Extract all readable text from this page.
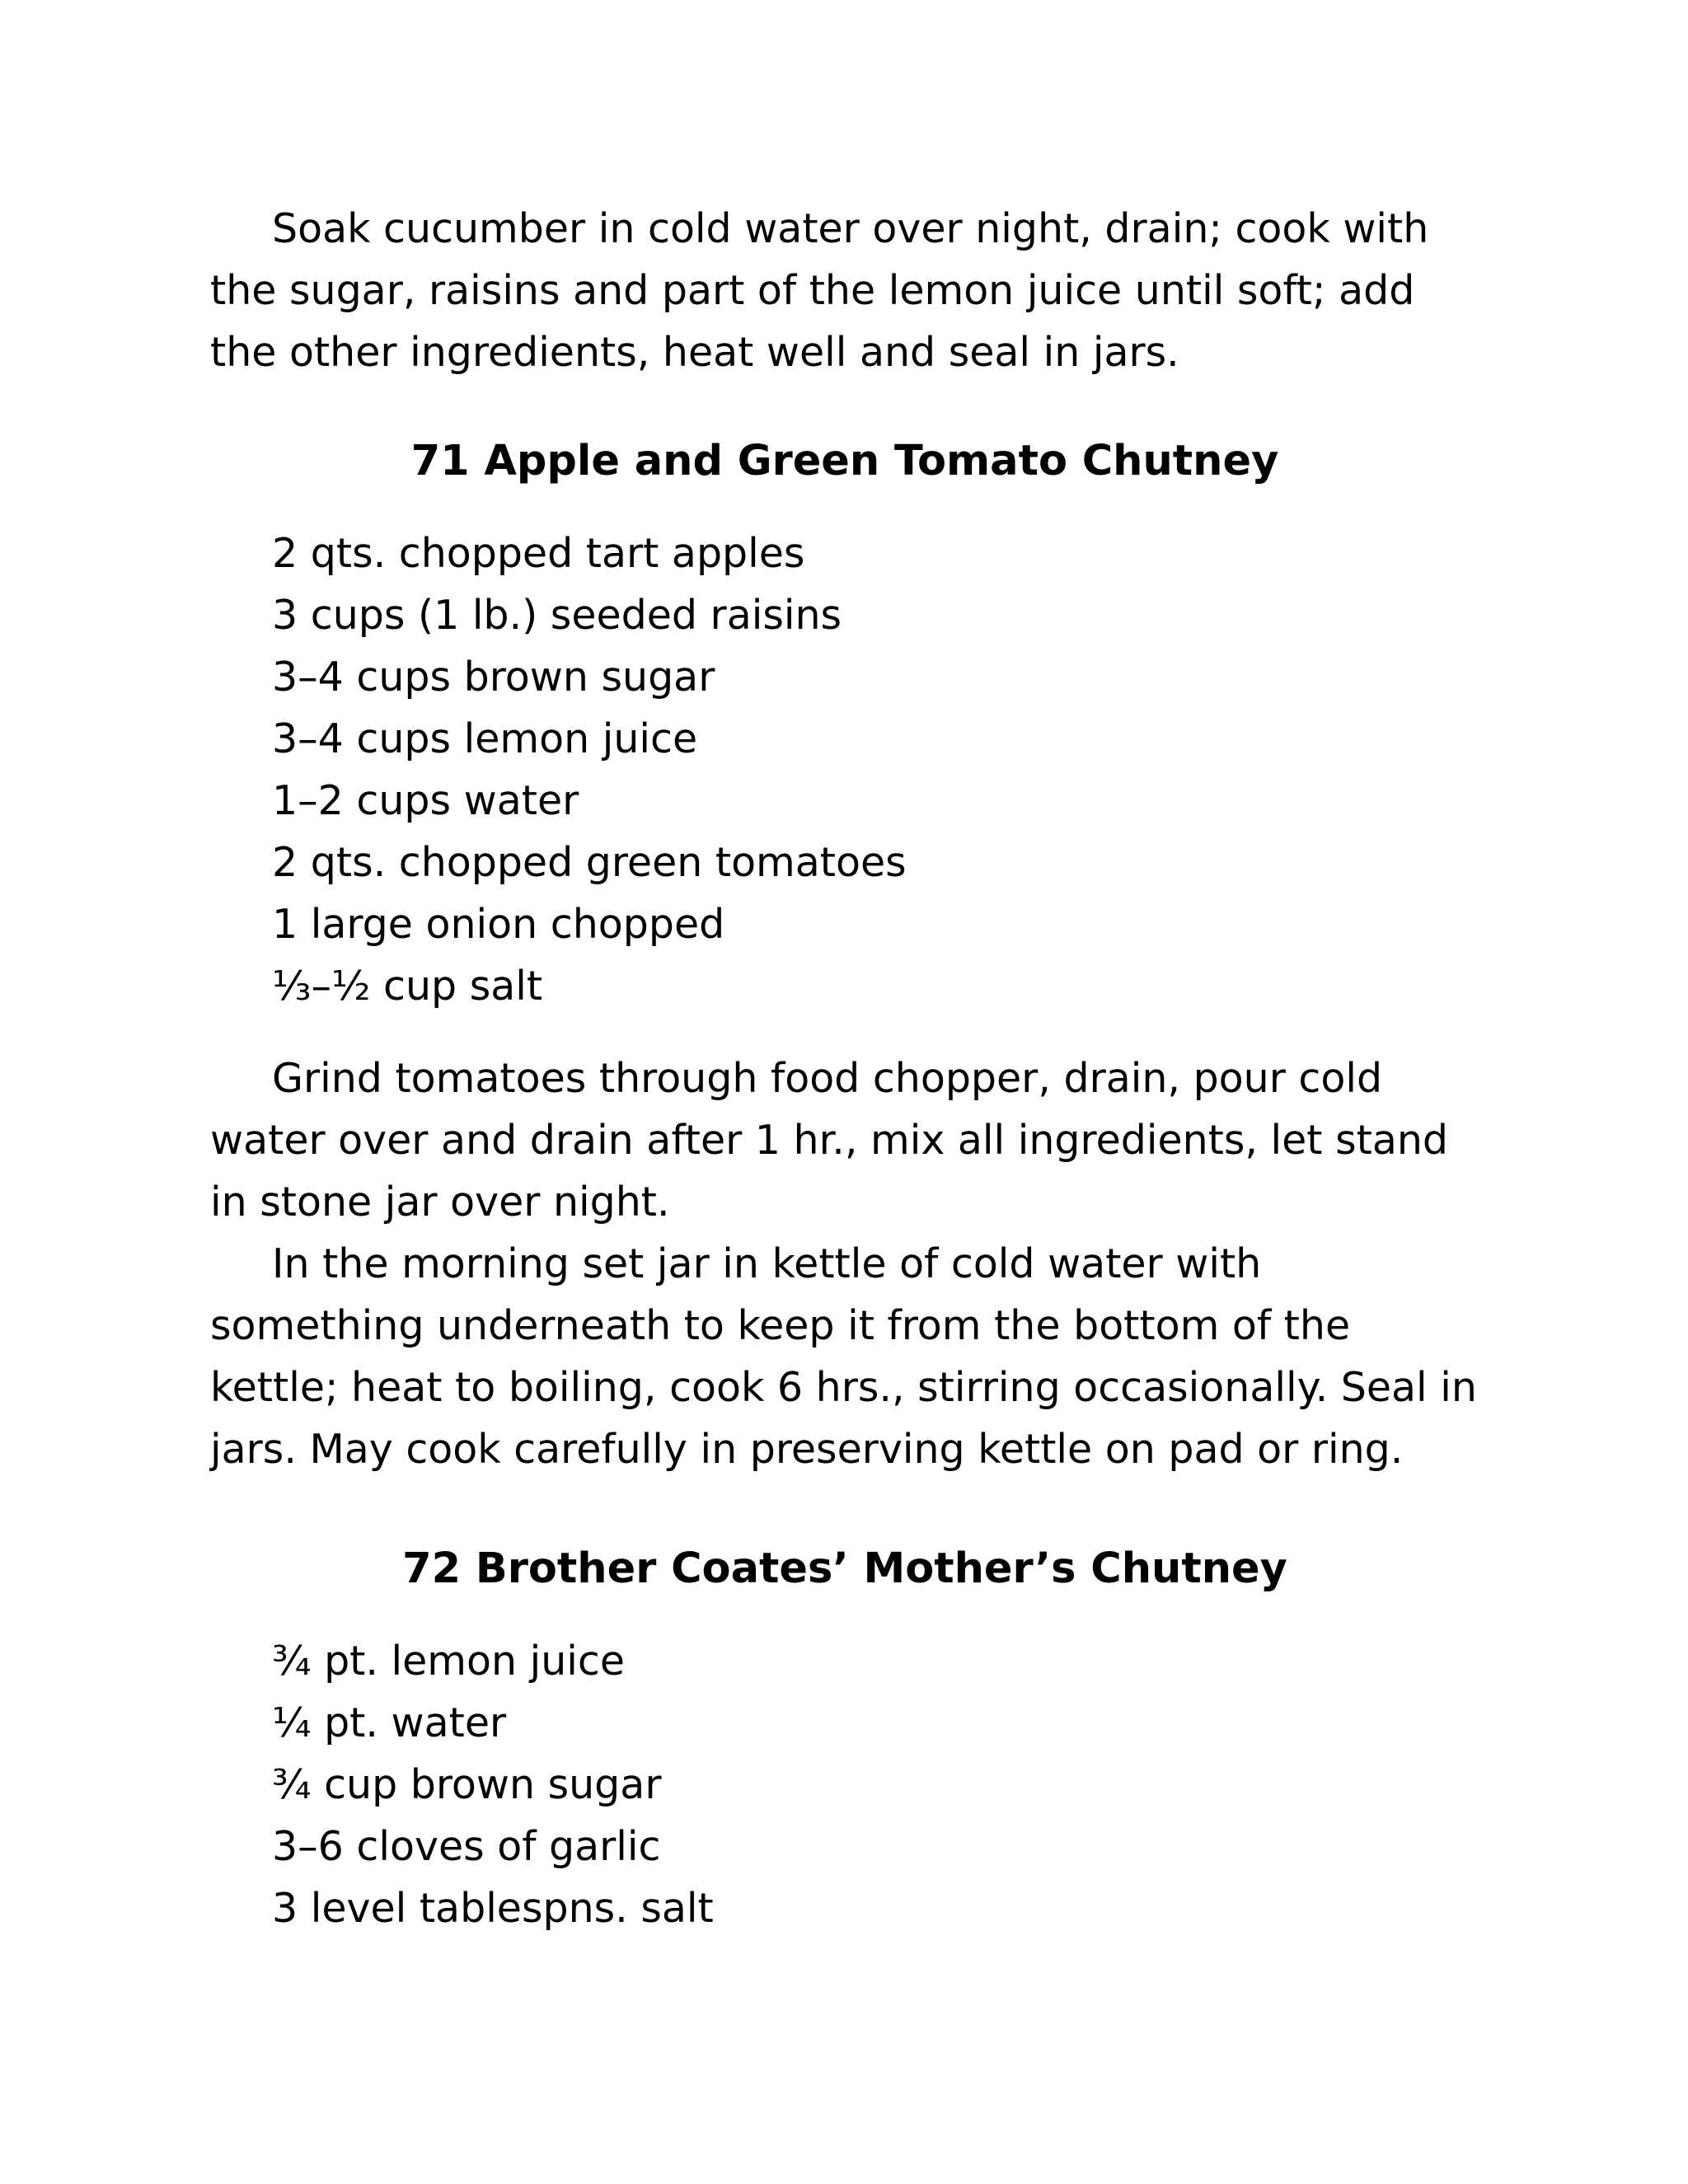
Soak cucumber in cold water over night, drain; cook with the sugar, raisins and part of the lemon juice until soft; add the other ingredients, heat well and seal in jars.

71 Apple and Green Tomato Chutney
2 qts. chopped tart apples
3 cups (1 lb.) seeded raisins
3–4 cups brown sugar
3–4 cups lemon juice
1–2 cups water
2 qts. chopped green tomatoes
1 large onion chopped
⅓–½ cup salt

Grind tomatoes through food chopper, drain, pour cold water over and drain after 1 hr., mix all ingredients, let stand in stone jar over night.

In the morning set jar in kettle of cold water with something underneath to keep it from the bottom of the kettle; heat to boiling, cook 6 hrs., stirring occasionally. Seal in jars. May cook carefully in preserving kettle on pad or ring.

72 Brother Coates’ Mother’s Chutney
¾ pt. lemon juice
¼ pt. water
¾ cup brown sugar
3–6 cloves of garlic
3 level tablespns. salt
